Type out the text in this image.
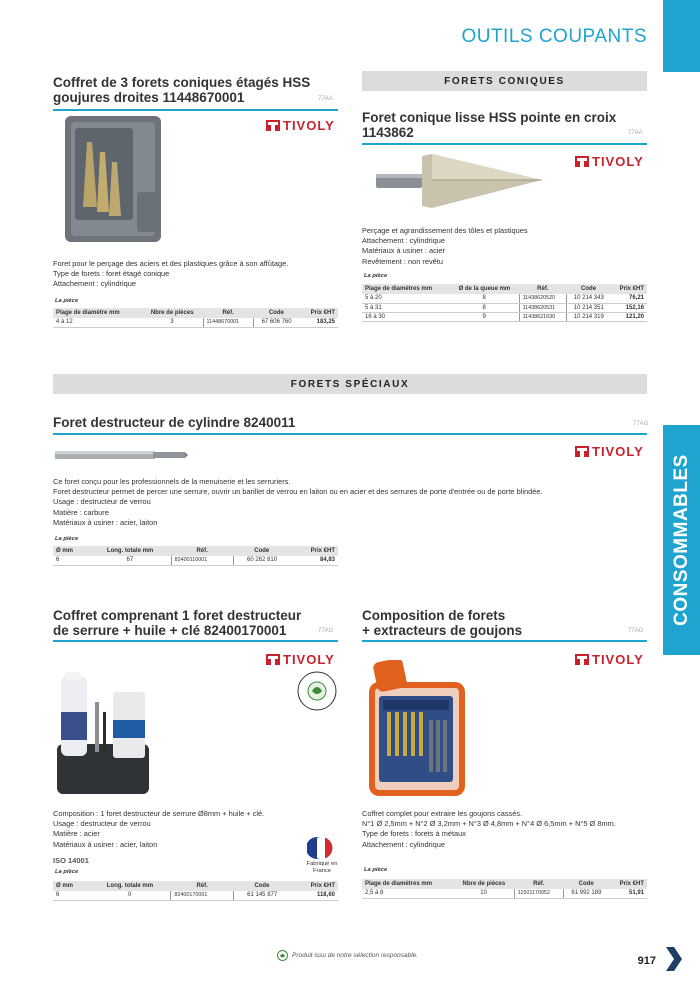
OUTILS COUPANTS
CONSOMMABLES
Coffret de 3 forets coniques étagés HSS goujures droites 11448670001	77AA
TIVOLY
Foret pour le perçage des aciers et des plastiques grâce à son affûtage.
Type de forets : foret étagé conique
Attachement : cylindrique
La pièce
Plage de diamètre mm	Nbre de pièces	Réf.	Code	Prix €HT
4 à 12	3	11448670001	67 606 760	183,25
FORETS CONIQUES
Foret conique lisse HSS pointe en croix 1143862	77AA
TIVOLY
Perçage et agrandissement des tôles et plastiques
Attachement : cylindrique
Matériaux à usiner : acier
Revêtement : non revêtu
La pièce
Plage de diamètres mm	Ø de la queue mm	Réf.	Code	Prix €HT
5 à 20	8	11438620520	10 214 343	76,21
5 à 31	8	11438620531	10 214 351	152,16
16 à 30	9	11438621630	10 214 319	121,20
FORETS SPÉCIAUX
Foret destructeur de cylindre 8240011	77AG
TIVOLY
Ce foret conçu pour les professionnels de la menuiserie et les serruriers.
Foret destructeur permet de percer une serrure, ouvrir un barillet de verrou en laiton ou en acier et des serrures de porte d'entrée ou de porte blindée.
Usage : destructeur de verrou
Matière : carbure
Matériaux à usiner : acier, laiton
La pièce
Ø mm	Long. totale mm	Réf.	Code	Prix €HT
6	67	82400110001	60 262 810	84,83
Coffret comprenant 1 foret destructeur
de serrure + huile + clé 82400170001	77AG
TIVOLY
Composition : 1 foret destructeur de serrure Ø8mm + huile + clé.
Usage : destructeur de verrou
Matière : acier
Matériaux à usiner : acier, laiton
ISO 14001	Fabriqué en France
La pièce
Ø mm	Long. totale mm	Réf.	Code	Prix €HT
6	0	82400170001	61 145 877	118,60
Composition de forets
+ extracteurs de goujons	77AG
TIVOLY
Coffret complet pour extraire les goujons cassés.
N°1 Ø 2,5mm + N°2 Ø 3,2mm + N°3 Ø 4,8mm + N°4 Ø 6,5mm + N°5 Ø 8mm.
Type de forets : forets à métaux
Attachement : cylindrique
La pièce
Plage de diamètres mm	Nbre de pièces	Réf.	Code	Prix €HT
2,5 à 8	10	11501170052	61 992 189	51,91
Produit issu de notre sélection responsable.	917
